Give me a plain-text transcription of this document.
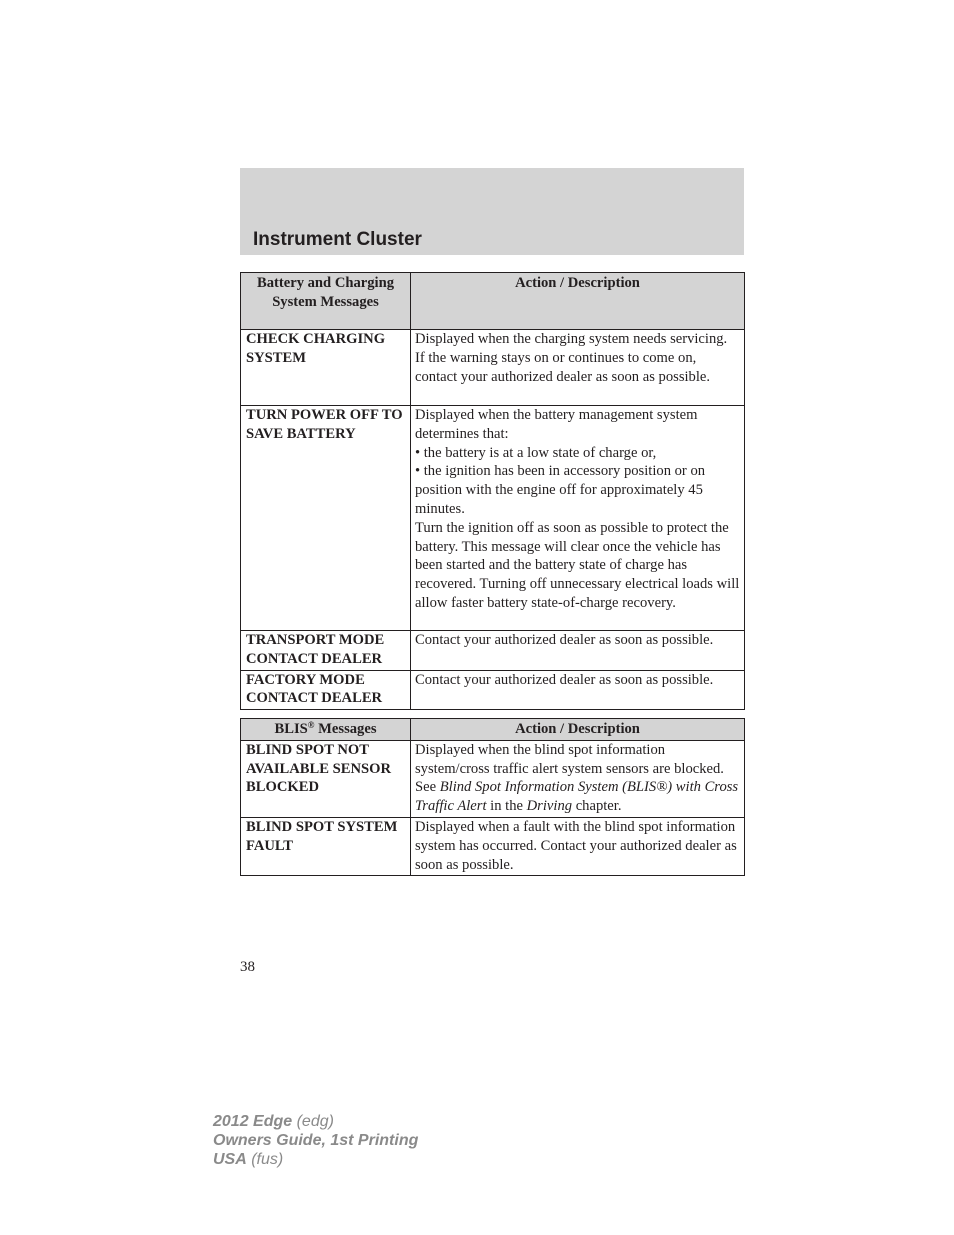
Instrument Cluster
Battery and Charging System Messages	Action / Description
CHECK CHARGING SYSTEM	Displayed when the charging system needs servicing. If the warning stays on or continues to come on, contact your authorized dealer as soon as possible.
TURN POWER OFF TO SAVE BATTERY	Displayed when the battery management system determines that:
• the battery is at a low state of charge or,
• the ignition has been in accessory position or on position with the engine off for approximately 45 minutes.
Turn the ignition off as soon as possible to protect the battery. This message will clear once the vehicle has been started and the battery state of charge has recovered. Turning off unnecessary electrical loads will allow faster battery state-of-charge recovery.

TRANSPORT MODE CONTACT DEALER	Contact your authorized dealer as soon as possible.
FACTORY MODE CONTACT DEALER	Contact your authorized dealer as soon as possible.
BLIS® Messages	Action / Description
BLIND SPOT NOT AVAILABLE SENSOR BLOCKED	Displayed when the blind spot information system/cross traffic alert system sensors are blocked. See Blind Spot Information System (BLIS®) with Cross Traffic Alert in the Driving chapter.
BLIND SPOT SYSTEM FAULT	Displayed when a fault with the blind spot information system has occurred. Contact your authorized dealer as soon as possible.
38
2012 Edge (edg)
Owners Guide, 1st Printing
USA (fus)
